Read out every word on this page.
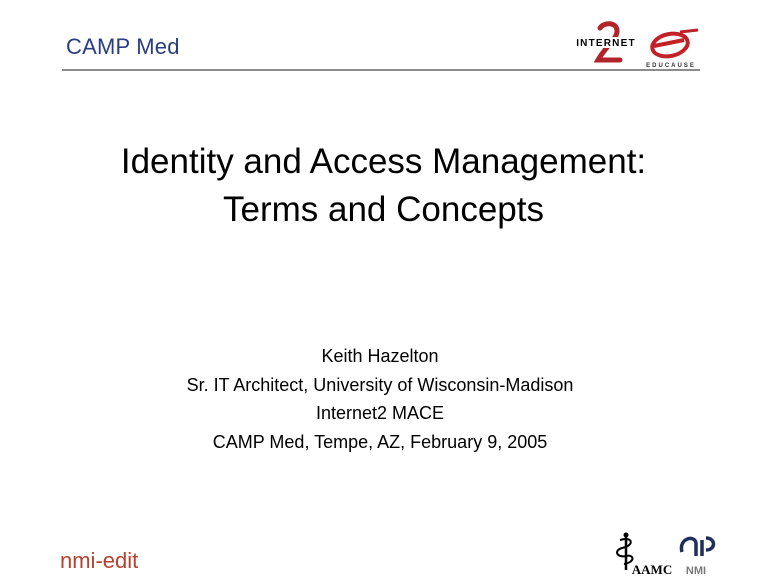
CAMP Med	INTERNET
EDUCAUSE
Identity and Access Management:
Terms and Concepts
Keith Hazelton
Sr. IT Architect, University of Wisconsin-Madison
Internet2 MACE
CAMP Med, Tempe, AZ, February 9, 2005
nmi-edit	AAMC NMI
